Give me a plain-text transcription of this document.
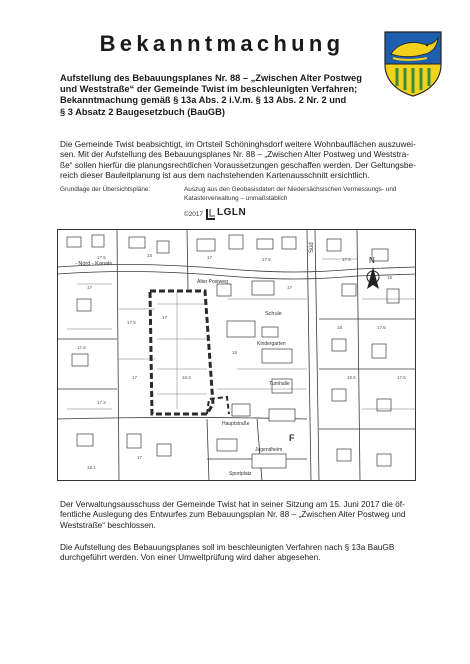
Bekanntmachung
Aufstellung des Bebauungsplanes Nr. 88 – „Zwischen Alter Postweg
und Weststraße“ der Gemeinde Twist im beschleunigten Verfahren;
Bekanntmachung gemäß § 13a Abs. 2 i.V.m. § 13 Abs. 2 Nr. 2 und
§ 3 Absatz 2 Baugesetzbuch (BauGB)
Die Gemeinde Twist beabsichtigt, im Ortsteil Schöninghsdorf weitere Wohnbauflächen auszuwei-
sen. Mit der Aufstellung des Bebauungsplanes Nr. 88 – „Zwischen Alter Postweg und Weststra-
ße“ sollen hierfür die planungsrechtlichen Voraussetzungen geschaffen werden. Der Geltungsbe-
reich dieser Bauleitplanung ist aus dem nachstehenden Kartenausschnitt ersichtlich.
Grundlage der Übersichtspläne:	Auszug aus den Geobasisdaten der Niedersächsischen Vermessungs- und
Katasterverwaltung – unmaßstäblich
©2017 LGLN
N
- Nord - Kanals
Alter Postweg
Süd
Schule
Kindergarten
Turnhalle
Hauptstraße
Jugendheim
Sportplatz
F
17.5	18	17	17.5	17.5
18
17
17.5
17
18.3
17
17.5
17.3
18
17
18	17.5
18.5	17.5
17
18.1
Der Verwaltungsausschuss der Gemeinde Twist hat in seiner Sitzung am 15. Juni 2017 die öf-
fentliche Auslegung des Entwurfes zum Bebauungsplan Nr. 88 – „Zwischen Alter Postweg und
Weststraße“ beschlossen.
Die Aufstellung des Bebauungsplanes soll im beschleunigten Verfahren nach § 13a BauGB
durchgeführt werden. Von einer Umweltprüfung wird daher abgesehen.
